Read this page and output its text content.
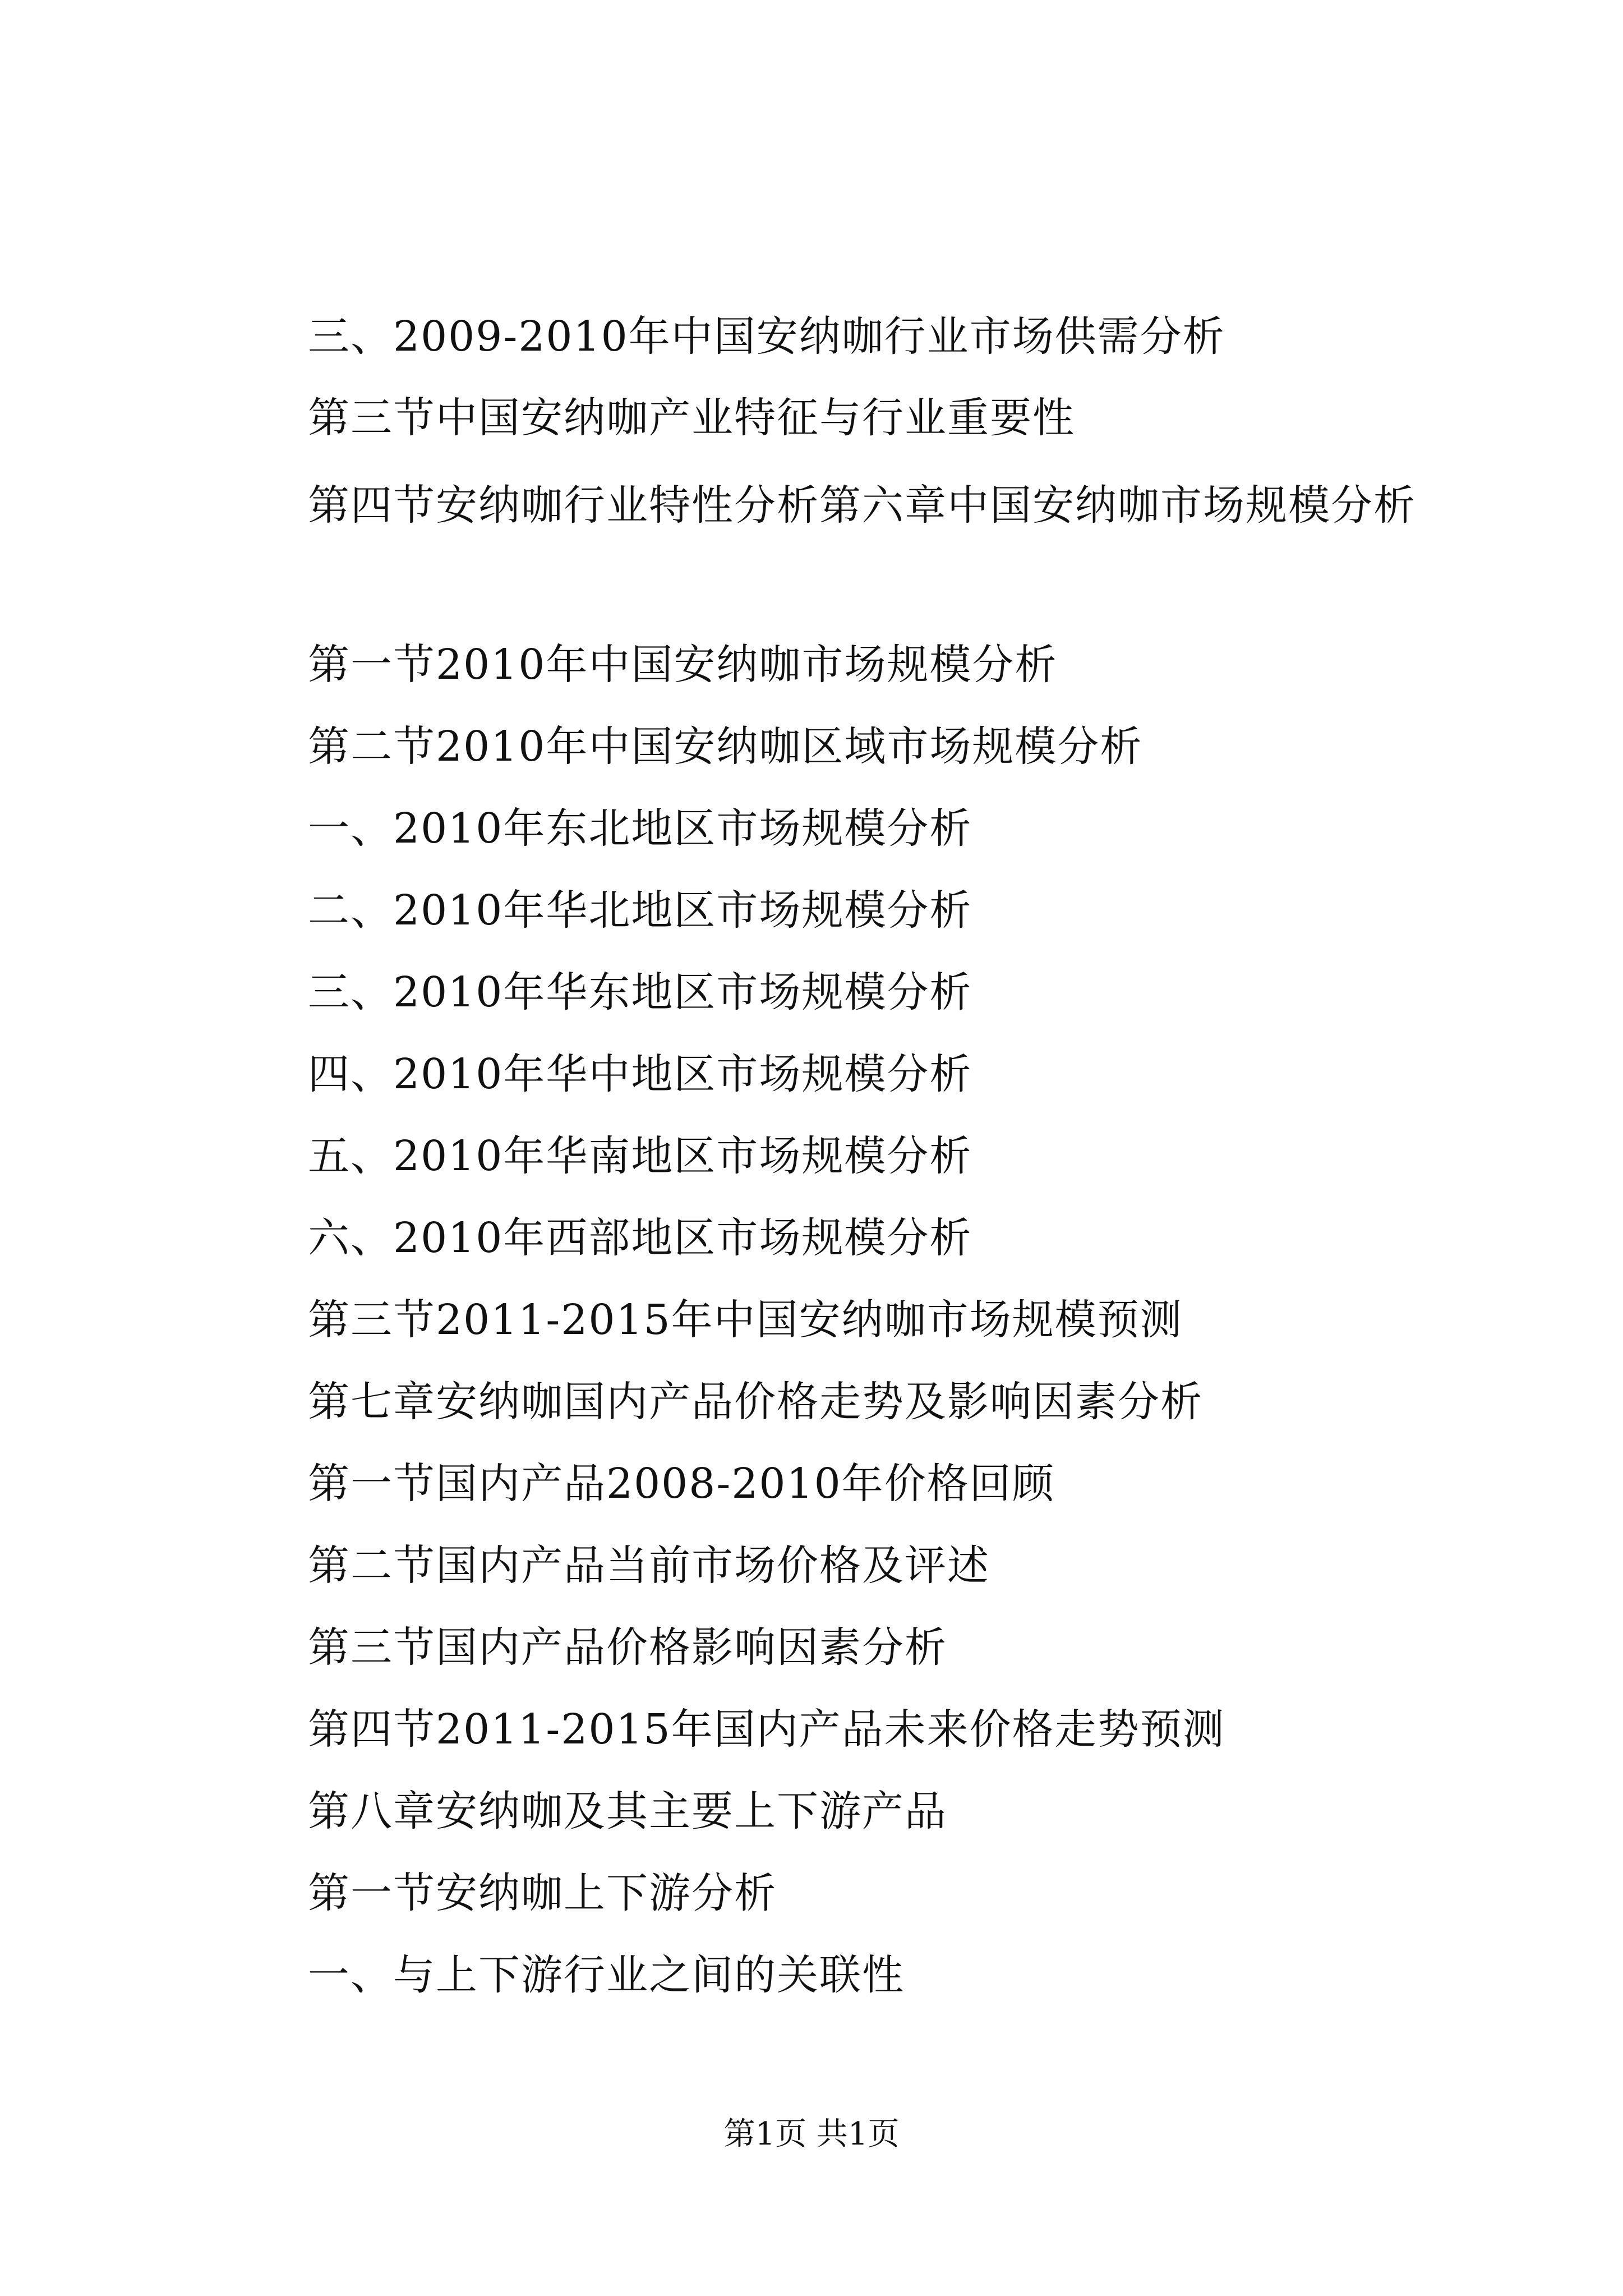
三、2009-2010年中国安纳咖行业市场供需分析
第三节中国安纳咖产业特征与行业重要性
第四节安纳咖行业特性分析第六章中国安纳咖市场规模分析
第一节2010年中国安纳咖市场规模分析
第二节2010年中国安纳咖区域市场规模分析
一、2010年东北地区市场规模分析
二、2010年华北地区市场规模分析
三、2010年华东地区市场规模分析
四、2010年华中地区市场规模分析
五、2010年华南地区市场规模分析
六、2010年西部地区市场规模分析
第三节2011-2015年中国安纳咖市场规模预测
第七章安纳咖国内产品价格走势及影响因素分析
第一节国内产品2008-2010年价格回顾
第二节国内产品当前市场价格及评述
第三节国内产品价格影响因素分析
第四节2011-2015年国内产品未来价格走势预测
第八章安纳咖及其主要上下游产品
第一节安纳咖上下游分析
一、与上下游行业之间的关联性
第1页 共1页
